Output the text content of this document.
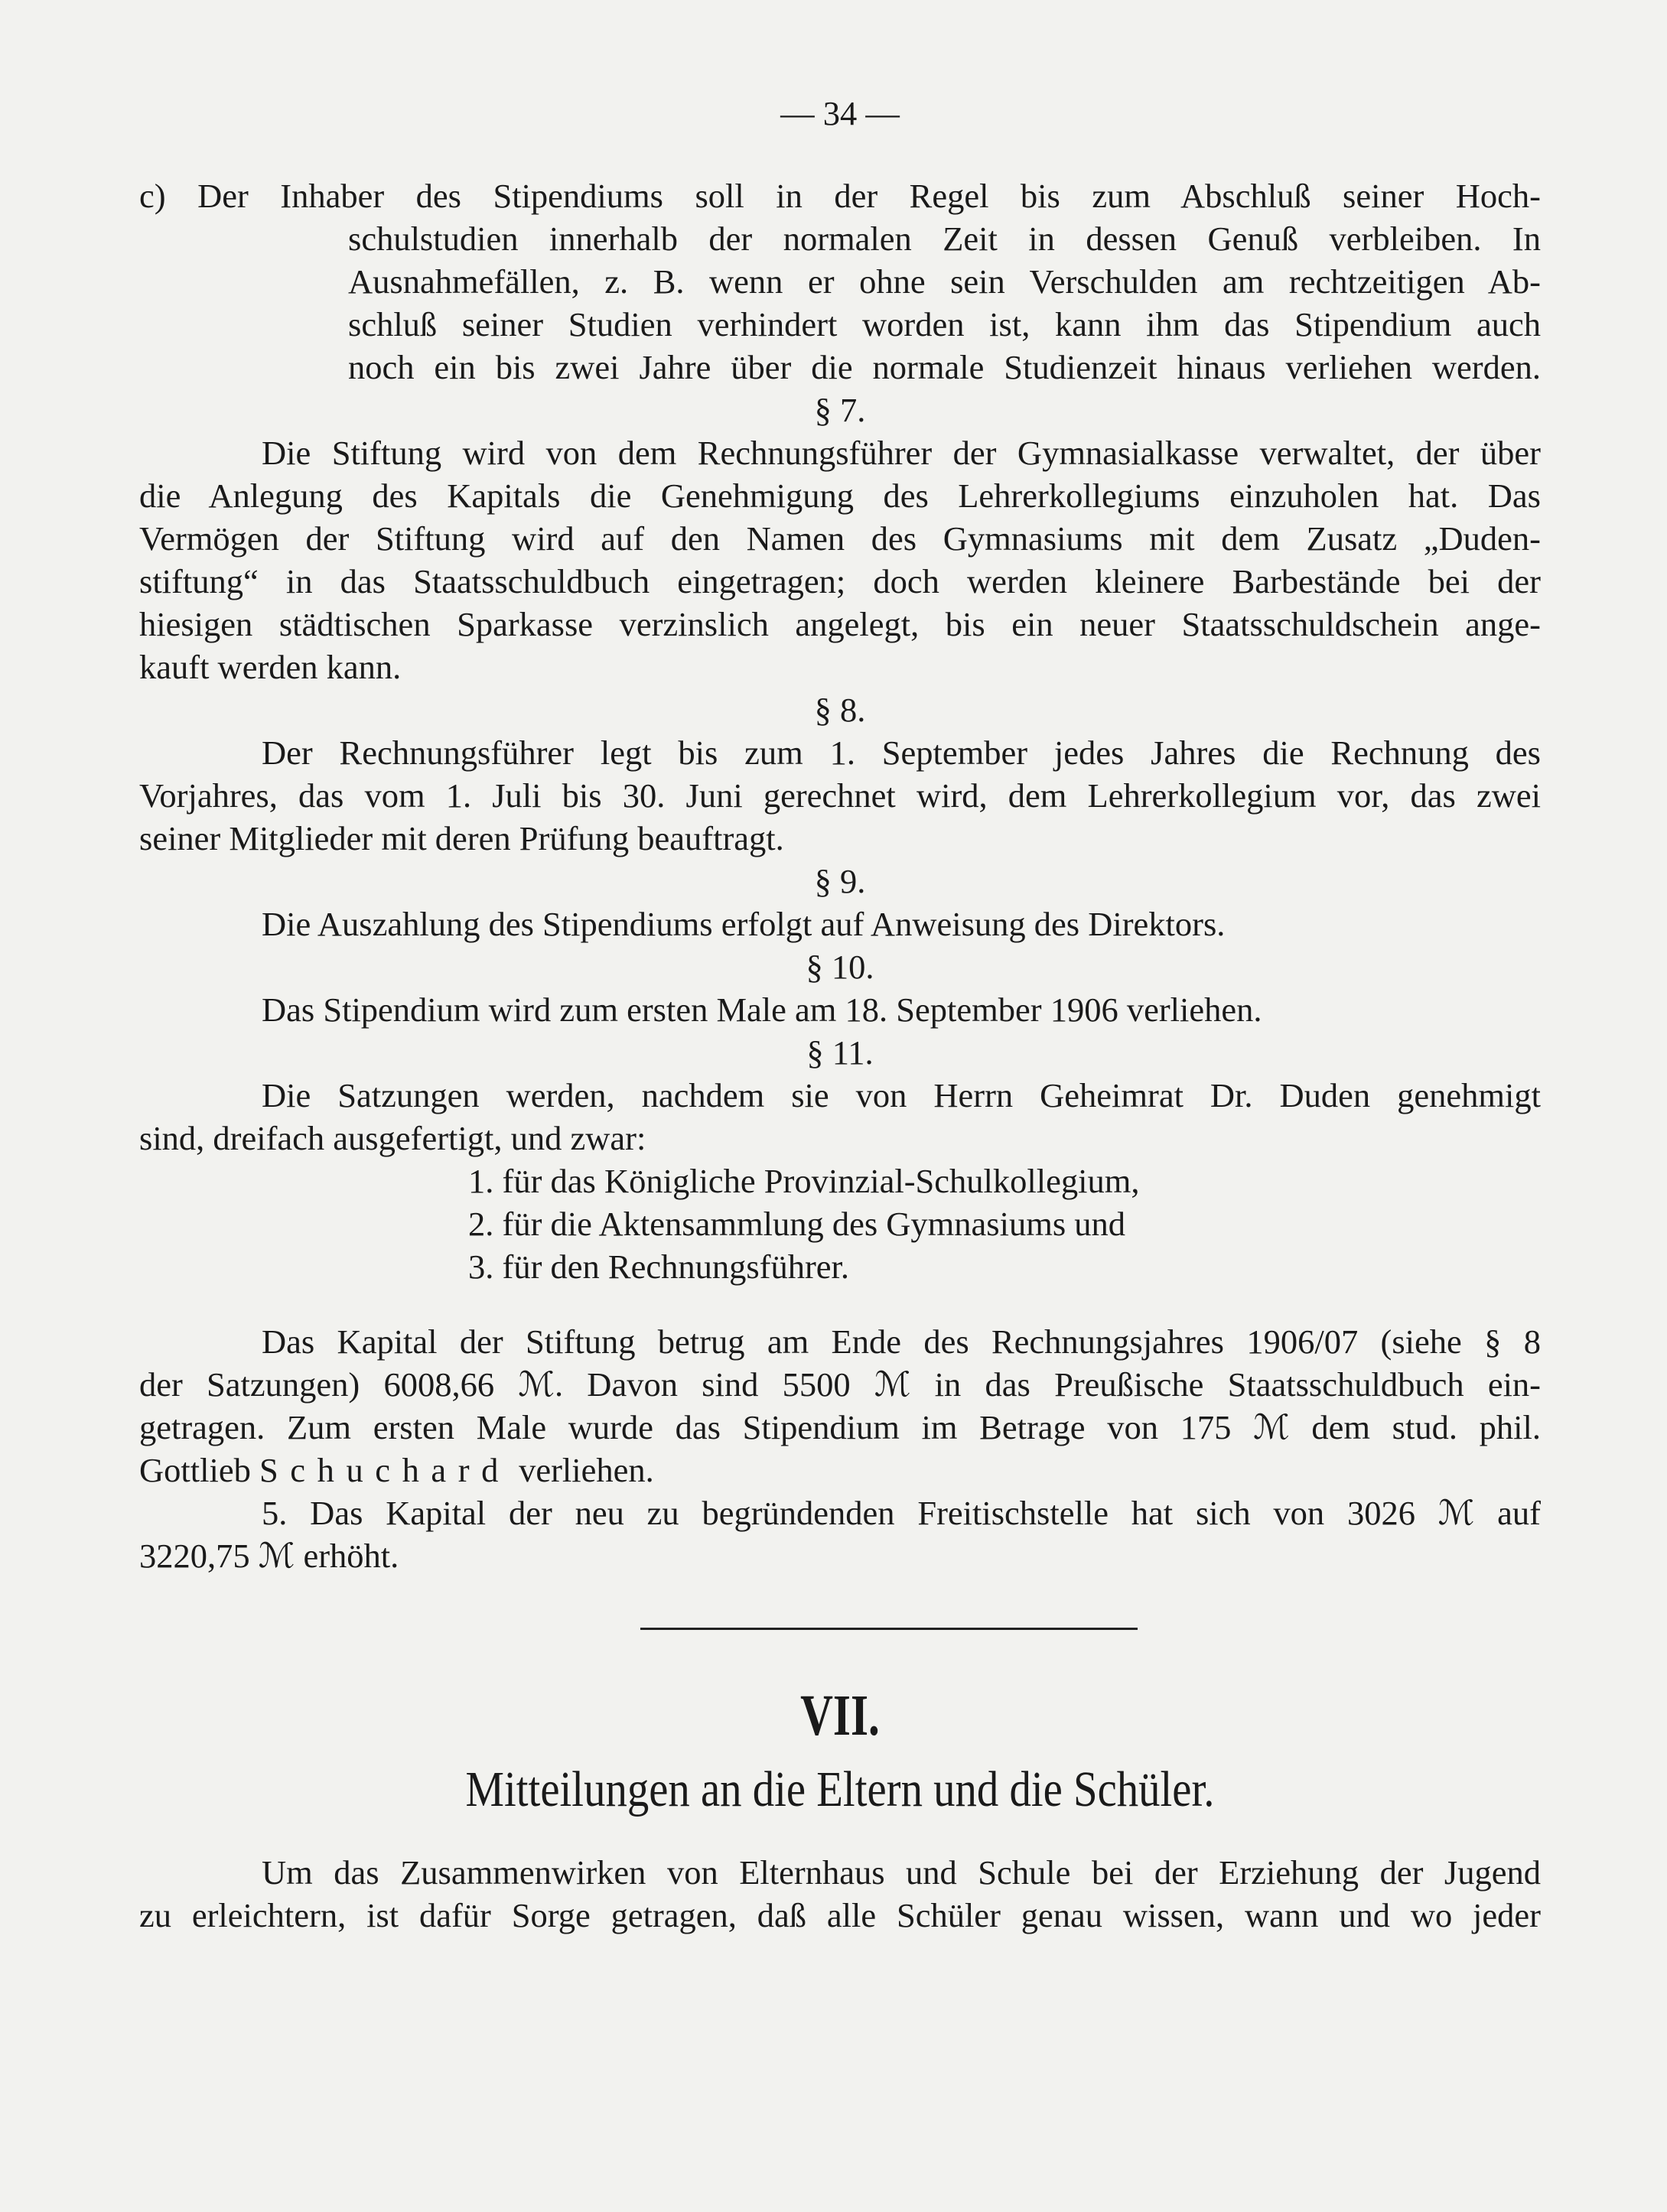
— 34 —

c) Der Inhaber des Stipendiums soll in der Regel bis zum Abschluß seiner Hoch-

schulstudien innerhalb der normalen Zeit in dessen Genuß verbleiben. In

Ausnahmefällen, z. B. wenn er ohne sein Verschulden am rechtzeitigen Ab-

schluß seiner Studien verhindert worden ist, kann ihm das Stipendium auch

noch ein bis zwei Jahre über die normale Studienzeit hinaus verliehen werden.

§ 7.

Die Stiftung wird von dem Rechnungsführer der Gymnasialkasse verwaltet, der über

die Anlegung des Kapitals die Genehmigung des Lehrerkollegiums einzuholen hat. Das

Vermögen der Stiftung wird auf den Namen des Gymnasiums mit dem Zusatz „Duden-

stiftung“ in das Staatsschuldbuch eingetragen; doch werden kleinere Barbestände bei der

hiesigen städtischen Sparkasse verzinslich angelegt, bis ein neuer Staatsschuldschein ange-

kauft werden kann.

§ 8.

Der Rechnungsführer legt bis zum 1. September jedes Jahres die Rechnung des

Vorjahres, das vom 1. Juli bis 30. Juni gerechnet wird, dem Lehrerkollegium vor, das zwei

seiner Mitglieder mit deren Prüfung beauftragt.

§ 9.

Die Auszahlung des Stipendiums erfolgt auf Anweisung des Direktors.

§ 10.

Das Stipendium wird zum ersten Male am 18. September 1906 verliehen.

§ 11.

Die Satzungen werden, nachdem sie von Herrn Geheimrat Dr. Duden genehmigt

sind, dreifach ausgefertigt, und zwar:

1. für das Königliche Provinzial-Schulkollegium,

2. für die Aktensammlung des Gymnasiums und

3. für den Rechnungsführer.

Das Kapital der Stiftung betrug am Ende des Rechnungsjahres 1906/07 (siehe § 8

der Satzungen) 6008,66 ℳ. Davon sind 5500 ℳ in das Preußische Staatsschuldbuch ein-

getragen. Zum ersten Male wurde das Stipendium im Betrage von 175 ℳ dem stud. phil.

Gottlieb Schuchard verliehen.

5. Das Kapital der neu zu begründenden Freitischstelle hat sich von 3026 ℳ auf

3220,75 ℳ erhöht.

VII.
Mitteilungen an die Eltern und die Schüler.

Um das Zusammenwirken von Elternhaus und Schule bei der Erziehung der Jugend

zu erleichtern, ist dafür Sorge getragen, daß alle Schüler genau wissen, wann und wo jeder
